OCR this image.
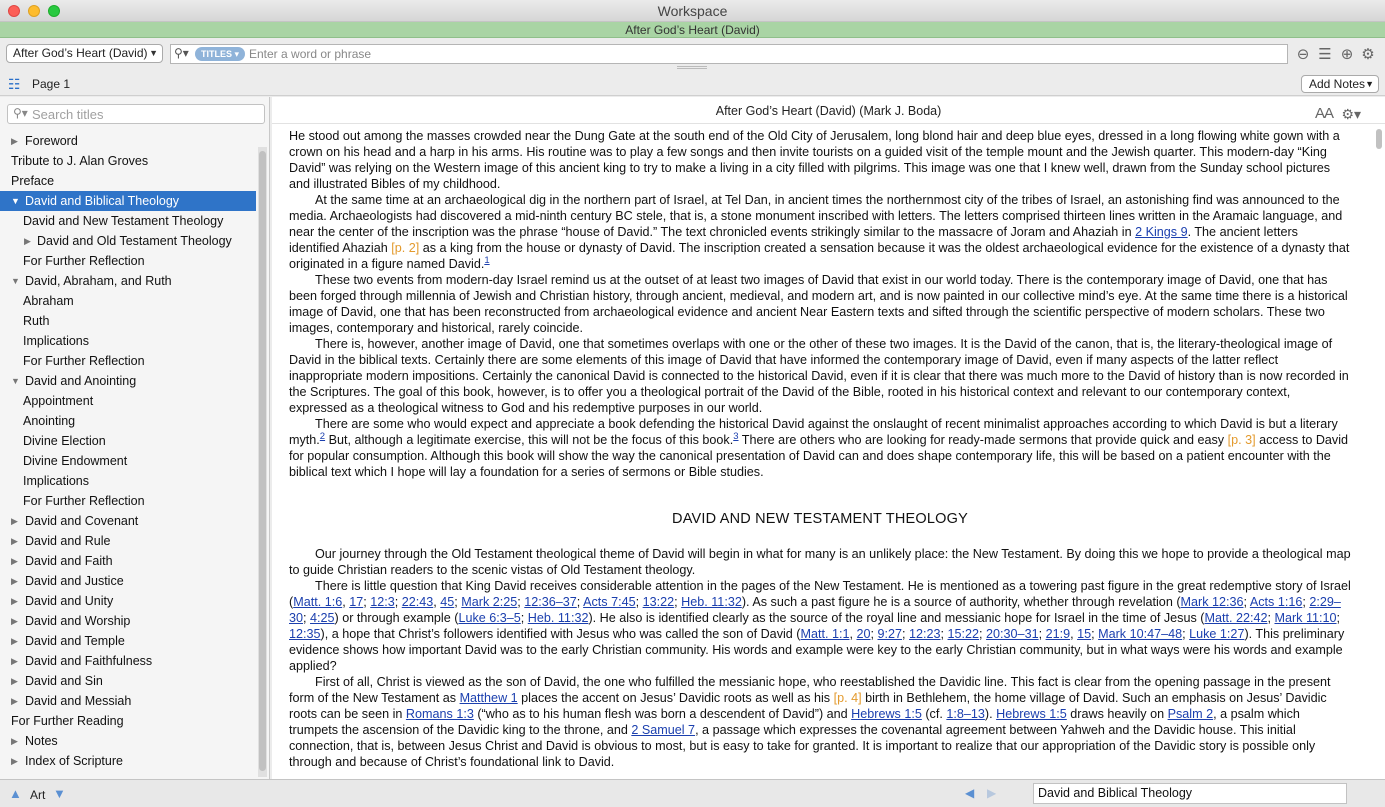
Workspace
After God’s Heart (David)
After God’s Heart (David) ▼ ⚲▾	TITLES ▾
Enter a word or phrase	⊖ ☰ ⊕ ⚙
☷ Page 1	Add Notes ▼
⚲▾
Search titles
▶ Foreword
Tribute to J. Alan Groves
Preface
▼ David and Biblical Theology
David and New Testament Theology
▶ David and Old Testament Theology
For Further Reflection
▼ David, Abraham, and Ruth
Abraham
Ruth
Implications
For Further Reflection
▼ David and Anointing
Appointment
Anointing
Divine Election
Divine Endowment
Implications
For Further Reflection
▶ David and Covenant
▶ David and Rule
▶ David and Faith
▶ David and Justice
▶ David and Unity
▶ David and Worship
▶ David and Temple
▶ David and Faithfulness
▶ David and Sin
▶ David and Messiah
For Further Reading
▶ Notes
▶ Index of Scripture
After God’s Heart (David) (Mark J. Boda)	AA ⚙▾

He stood out among the masses crowded near the Dung Gate at the south end of the Old City of Jerusalem, long blond hair and deep blue eyes, dressed in a long flowing white gown with a crown on his head and a harp in his arms. His routine was to play a few songs and then invite tourists on a guided visit of the temple mount and the Jewish quarter. This modern-day “King David” was relying on the Western image of this ancient king to try to make a living in a city filled with pilgrims. This image was one that I knew well, drawn from the Sunday school pictures and illustrated Bibles of my childhood.

At the same time at an archaeological dig in the northern part of Israel, at Tel Dan, in ancient times the northernmost city of the tribes of Israel, an astonishing find was announced to the media. Archaeologists had discovered a mid-ninth century BC stele, that is, a stone monument inscribed with letters. The letters comprised thirteen lines written in the Aramaic language, and near the center of the inscription was the phrase “house of David.” The text chronicled events strikingly similar to the massacre of Joram and Ahaziah in 2 Kings 9. The ancient letters identified Ahaziah [p. 2] as a king from the house or dynasty of David. The inscription created a sensation because it was the oldest archaeological evidence for the existence of a dynasty that originated in a figure named David.$^1$

These two events from modern-day Israel remind us at the outset of at least two images of David that exist in our world today. There is the contemporary image of David, one that has been forged through millennia of Jewish and Christian history, through ancient, medieval, and modern art, and is now painted in our collective mind’s eye. At the same time there is a historical image of David, one that has been reconstructed from archaeological evidence and ancient Near Eastern texts and sifted through the scientific perspective of modern scholars. These two images, contemporary and historical, rarely coincide.

There is, however, another image of David, one that sometimes overlaps with one or the other of these two images. It is the David of the canon, that is, the literary-theological image of David in the biblical texts. Certainly there are some elements of this image of David that have informed the contemporary image of David, even if many aspects of the latter reflect inappropriate modern impositions. Certainly the canonical David is connected to the historical David, even if it is clear that there was much more to the David of history than is now recorded in the Scriptures. The goal of this book, however, is to offer you a theological portrait of the David of the Bible, rooted in his historical context and relevant to our contemporary context, expressed as a theological witness to God and his redemptive purposes in our world.

There are some who would expect and appreciate a book defending the historical David against the onslaught of recent minimalist approaches according to which David is but a literary myth.$^2$ But, although a legitimate exercise, this will not be the focus of this book.$^3$ There are others who are looking for ready-made sermons that provide quick and easy [p. 3] access to David for popular consumption. Although this book will show the way the canonical presentation of David can and does shape contemporary life, this will be based on a patient encounter with the biblical text which I hope will lay a foundation for a series of sermons or Bible studies.

DAVID AND NEW TESTAMENT THEOLOGY

Our journey through the Old Testament theological theme of David will begin in what for many is an unlikely place: the New Testament. By doing this we hope to provide a theological map to guide Christian readers to the scenic vistas of Old Testament theology.

There is little question that King David receives considerable attention in the pages of the New Testament. He is mentioned as a towering past figure in the great redemptive story of Israel (Matt. 1:6, 17; 12:3; 22:43, 45; Mark 2:25; 12:36–37; Acts 7:45; 13:22; Heb. 11:32). As such a past figure he is a source of authority, whether through revelation (Mark 12:36; Acts 1:16; 2:29–30; 4:25) or through example (Luke 6:3–5; Heb. 11:32). He also is identified clearly as the source of the royal line and messianic hope for Israel in the time of Jesus (Matt. 22:42; Mark 11:10; 12:35), a hope that Christ’s followers identified with Jesus who was called the son of David (Matt. 1:1, 20; 9:27; 12:23; 15:22; 20:30–31; 21:9, 15; Mark 10:47–48; Luke 1:27). This preliminary evidence shows how important David was to the early Christian community. His words and example were key to the early Christian community, but in what ways were his words and example applied?

First of all, Christ is viewed as the son of David, the one who fulfilled the messianic hope, who reestablished the Davidic line. This fact is clear from the opening passage in the present form of the New Testament as Matthew 1 places the accent on Jesus’ Davidic roots as well as his [p. 4] birth in Bethlehem, the home village of David. Such an emphasis on Jesus’ Davidic roots can be seen in Romans 1:3 (“who as to his human flesh was born a descendent of David”) and Hebrews 1:5 (cf. 1:8–13). Hebrews 1:5 draws heavily on Psalm 2, a psalm which trumpets the ascension of the Davidic king to the throne, and 2 Samuel 7, a passage which expresses the covenantal agreement between Yahweh and the Davidic house. This initial connection, that is, between Jesus Christ and David is obvious to most, but is easy to take for granted. It is important to realize that our appropriation of the Davidic story is possible only through and because of Christ’s foundational link to David.

▲ Art ▼	◀ ▶	David and Biblical Theology
